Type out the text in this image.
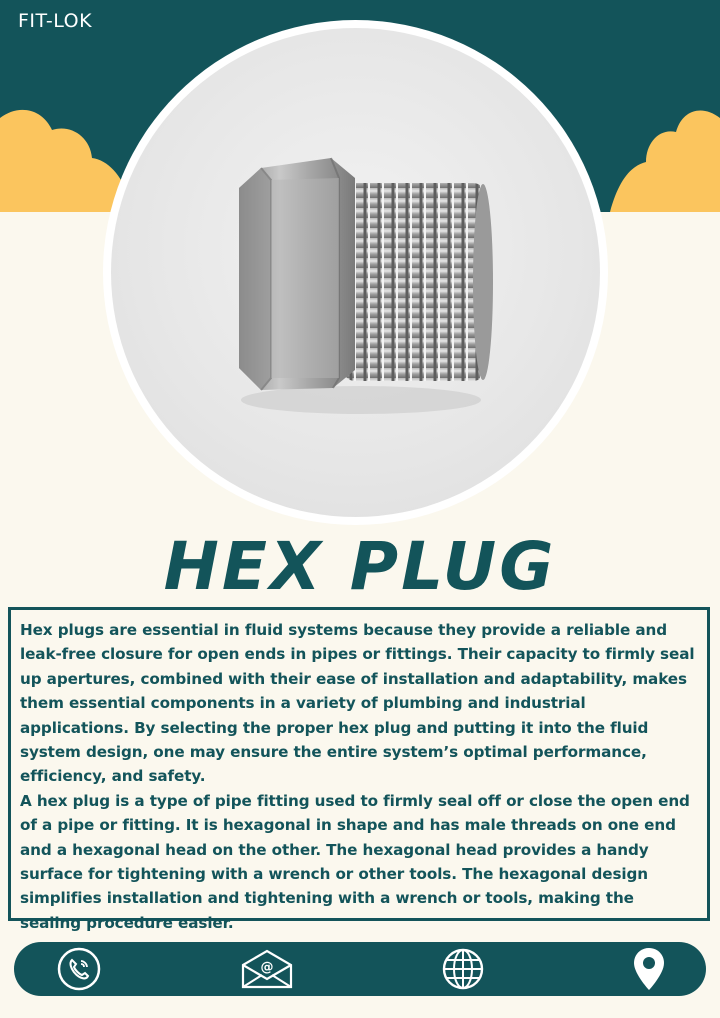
FIT-LOK
HEX PLUG

Hex plugs are essential in fluid systems because they provide a reliable and leak-free closure for open ends in pipes or fittings. Their capacity to firmly seal up apertures, combined with their ease of installation and adaptability, makes them essential components in a variety of plumbing and industrial applications. By selecting the proper hex plug and putting it into the fluid system design, one may ensure the entire system’s optimal performance, efficiency, and safety.

A hex plug is a type of pipe fitting used to firmly seal off or close the open end of a pipe or fitting. It is hexagonal in shape and has male threads on one end and a hexagonal head on the other. The hexagonal head provides a handy surface for tightening with a wrench or other tools. The hexagonal design simplifies installation and tightening with a wrench or tools, making the sealing procedure easier.

@
